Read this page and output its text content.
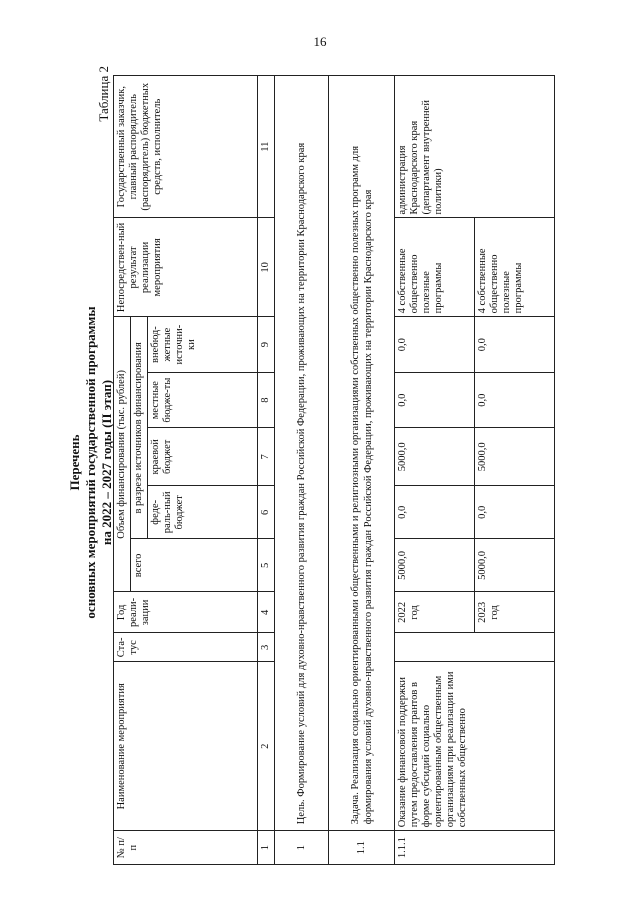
16
Таблица 2
Перечень основных мероприятий государственной программы на 2022 – 2027 годы (II этап)
№ п/п	Наименование мероприятия	Ста-тус	Год реали-зации	Объем финансирования (тыс. рублей)					Непосредствен-ный результат реализации мероприятия	Государственный заказчик, главный распорядитель (распорядитель) бюджетных средств, исполнитель
				всего	в разрезе источников финансирования					
					феде-раль-ный бюджет	краевой бюджет	местные бюдже-ты	внебюд-жетные источни-ки		
1	2	3	4	5	6	7	8	9	10	11
1	Цель. Формирование условий для духовно-нравственного развития граждан Российской Федерации, проживающих на территории Краснодарского края									
1.1	Задача. Реализация социально ориентированными общественными и религиозными организациями собственных общественно полезных программ для формирования условий духовно-нравственного развития граждан Российской Федерации, проживающих на территории Краснодарского края									
1.1.1	Оказание финансовой поддержки путем предоставления грантов в форме субсидий социально ориентированным общественным организациям при реализации ими собственных общественно		2022 год	5000,0	0,0	5000,0	0,0	0,0	4 собственные общественно полезные программы	администрация Краснодарского края (департамент внутренней политики)
			2023 год	5000,0	0,0	5000,0	0,0	0,0	4 собственные общественно полезные программы	
